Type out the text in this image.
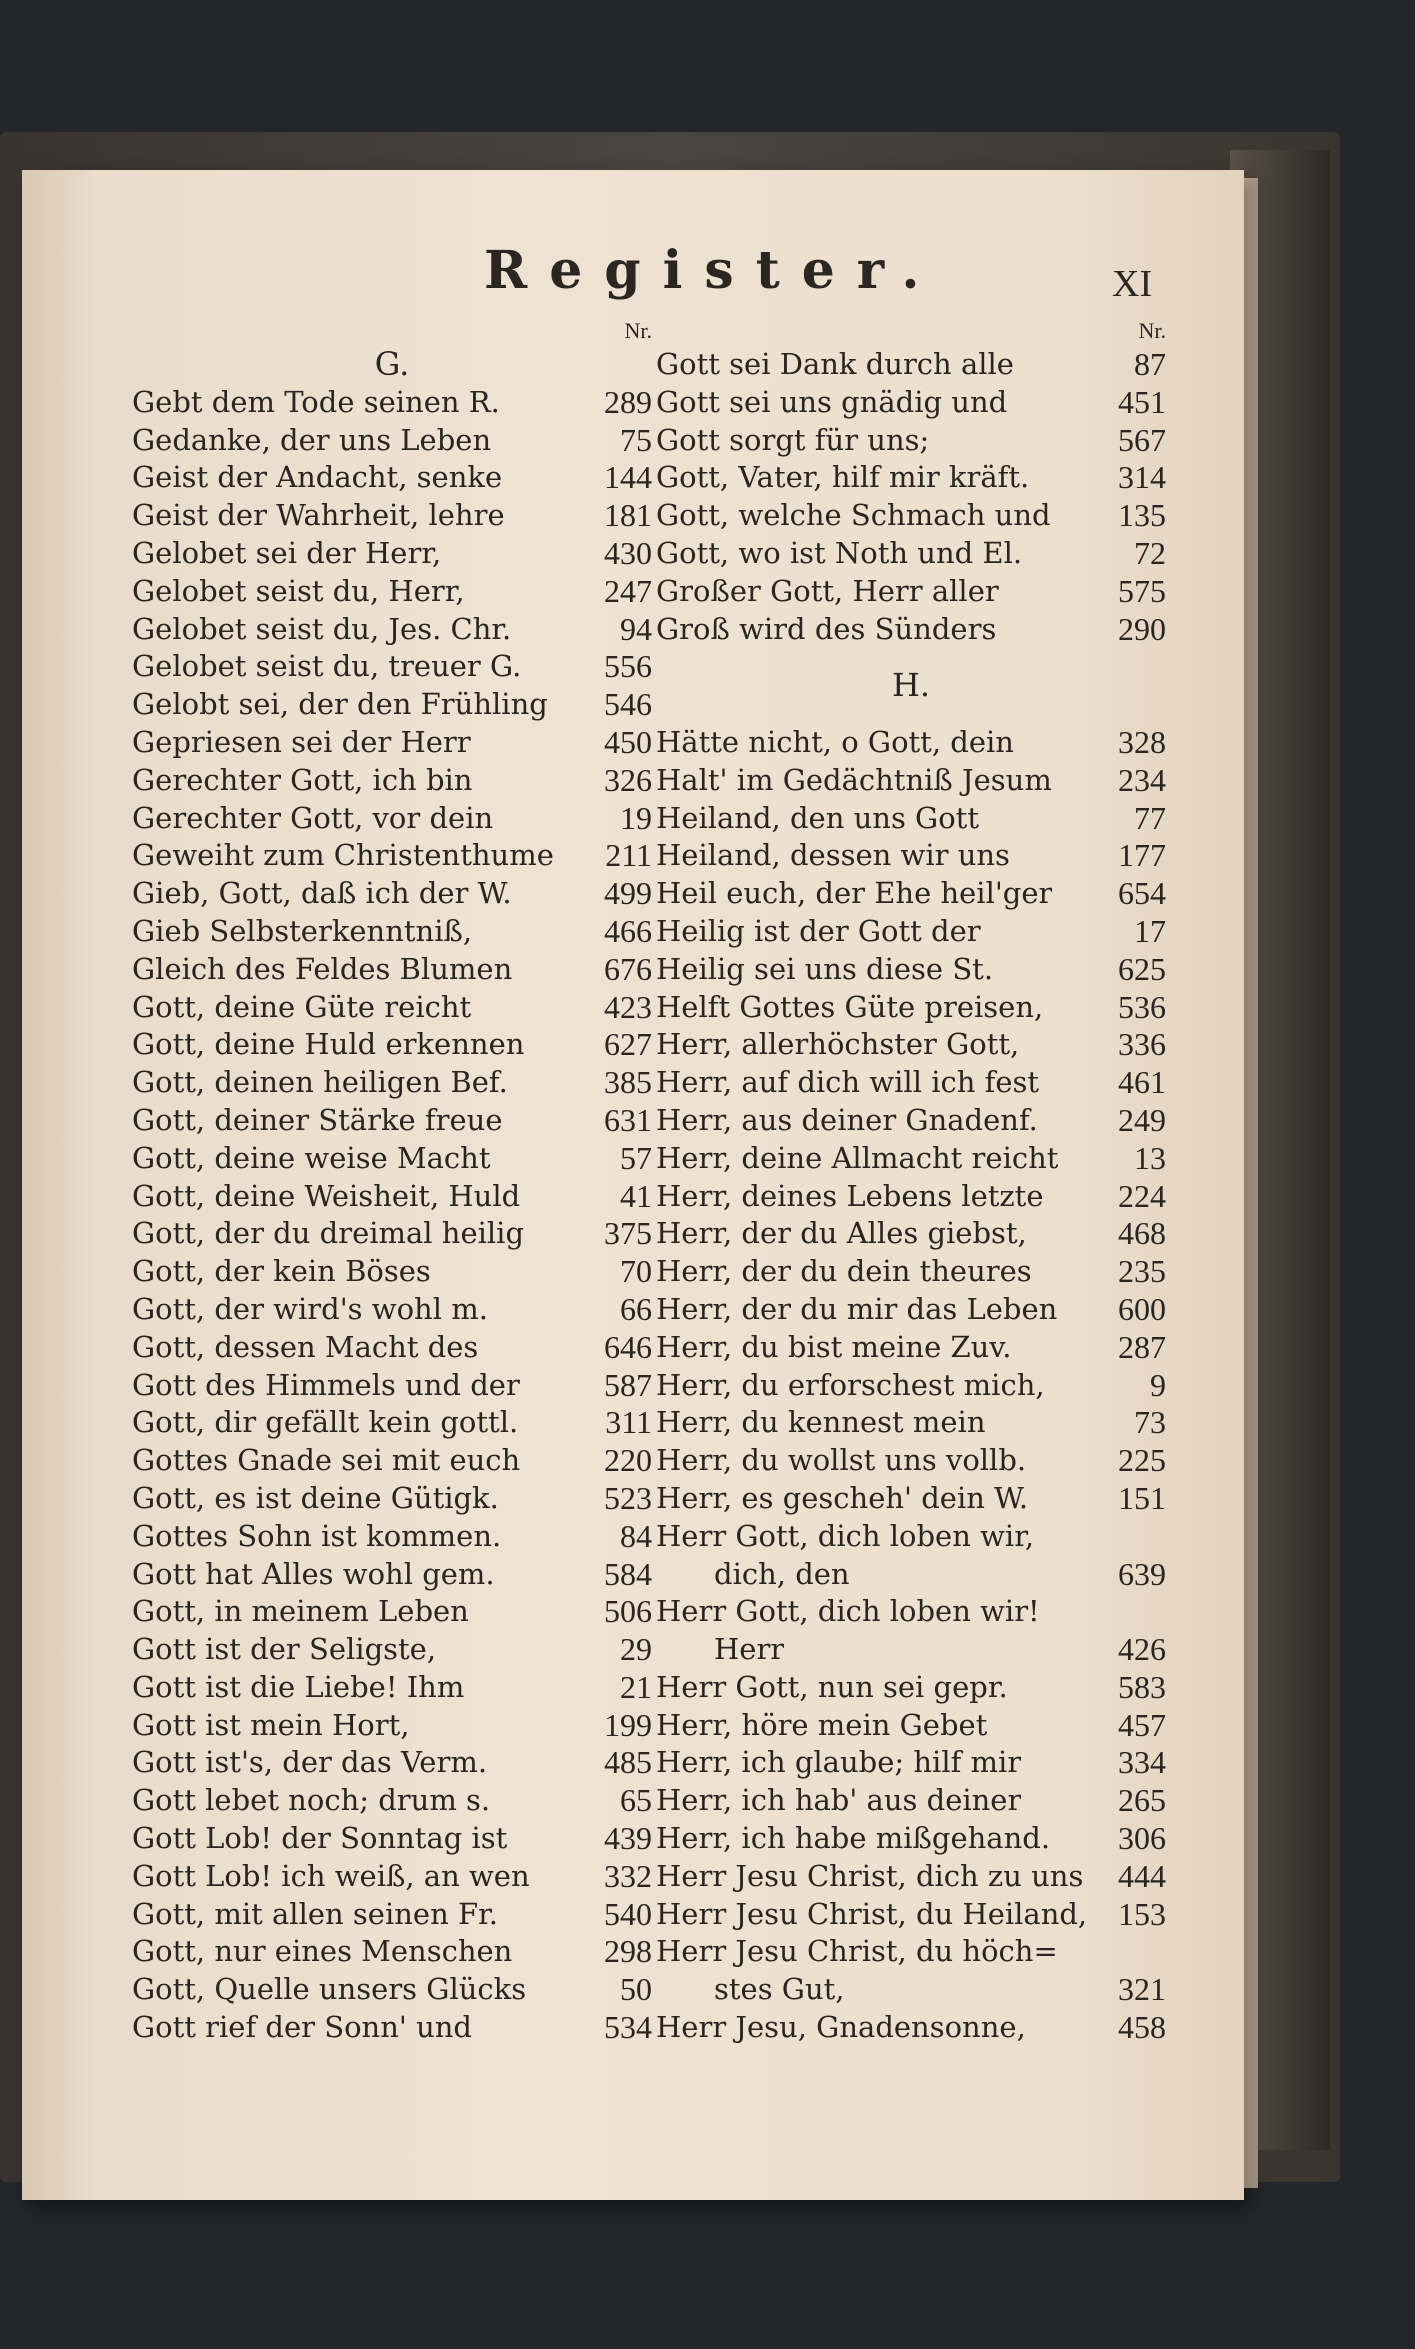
Register.	XI
Nr.
G.
Gebt dem Tode seinen R.	289
Gedanke, der uns Leben	75
Geist der Andacht, senke	144
Geist der Wahrheit, lehre	181
Gelobet sei der Herr,	430
Gelobet seist du, Herr,	247
Gelobet seist du, Jes. Chr.	94
Gelobet seist du, treuer G.	556
Gelobt sei, der den Frühling 546
Gepriesen sei der Herr	450
Gerechter Gott, ich bin	326
Gerechter Gott, vor dein	19
Geweiht zum Christenthume 211
Gieb, Gott, daß ich der W.	499
Gieb Selbsterkenntniß,	466
Gleich des Feldes Blumen	676
Gott, deine Güte reicht	423
Gott, deine Huld erkennen 627
Gott, deinen heiligen Bef.	385
Gott, deiner Stärke freue	631
Gott, deine weise Macht	57
Gott, deine Weisheit, Huld	41
Gott, der du dreimal heilig 375
Gott, der kein Böses	70
Gott, der wird's wohl m.	66
Gott, dessen Macht des	646
Gott des Himmels und der	587
Gott, dir gefällt kein gottl.	311
Gottes Gnade sei mit euch	220
Gott, es ist deine Gütigk.	523
Gottes Sohn ist kommen.	84
Gott hat Alles wohl gem.	584
Gott, in meinem Leben	506
Gott ist der Seligste,	29
Gott ist die Liebe! Ihm	21
Gott ist mein Hort,	199
Gott ist's, der das Verm.	485
Gott lebet noch; drum s.	65
Gott Lob! der Sonntag ist	439
Gott Lob! ich weiß, an wen 332
Gott, mit allen seinen Fr.	540
Gott, nur eines Menschen	298
Gott, Quelle unsers Glücks	50
Gott rief der Sonn' und	534
Nr.
Gott sei Dank durch alle	87
Gott sei uns gnädig und	451
Gott sorgt für uns;	567
Gott, Vater, hilf mir kräft.	314
Gott, welche Schmach und 135
Gott, wo ist Noth und El.	72
Großer Gott, Herr aller	575
Groß wird des Sünders	290
H.
Hätte nicht, o Gott, dein	328
Halt' im Gedächtniß Jesum 234
Heiland, den uns Gott	77
Heiland, dessen wir uns	177
Heil euch, der Ehe heil'ger 654
Heilig ist der Gott der	17
Heilig sei uns diese St.	625
Helft Gottes Güte preisen, 536
Herr, allerhöchster Gott,	336
Herr, auf dich will ich fest 461
Herr, aus deiner Gnadenf.	249
Herr, deine Allmacht reicht 13
Herr, deines Lebens letzte 224
Herr, der du Alles giebst,	468
Herr, der du dein theures	235
Herr, der du mir das Leben 600
Herr, du bist meine Zuv.	287
Herr, du erforschest mich,	9
Herr, du kennest mein	73
Herr, du wollst uns vollb.	225
Herr, es gescheh' dein W.	151
Herr Gott, dich loben wir,
dich, den	639
Herr Gott, dich loben wir!
Herr	426
Herr Gott, nun sei gepr.	583
Herr, höre mein Gebet	457
Herr, ich glaube; hilf mir	334
Herr, ich hab' aus deiner	265
Herr, ich habe mißgehand. 306
Herr Jesu Christ, dich zu uns 444
Herr Jesu Christ, du Heiland, 153
Herr Jesu Christ, du höch=
stes Gut,	321
Herr Jesu, Gnadensonne,	458
